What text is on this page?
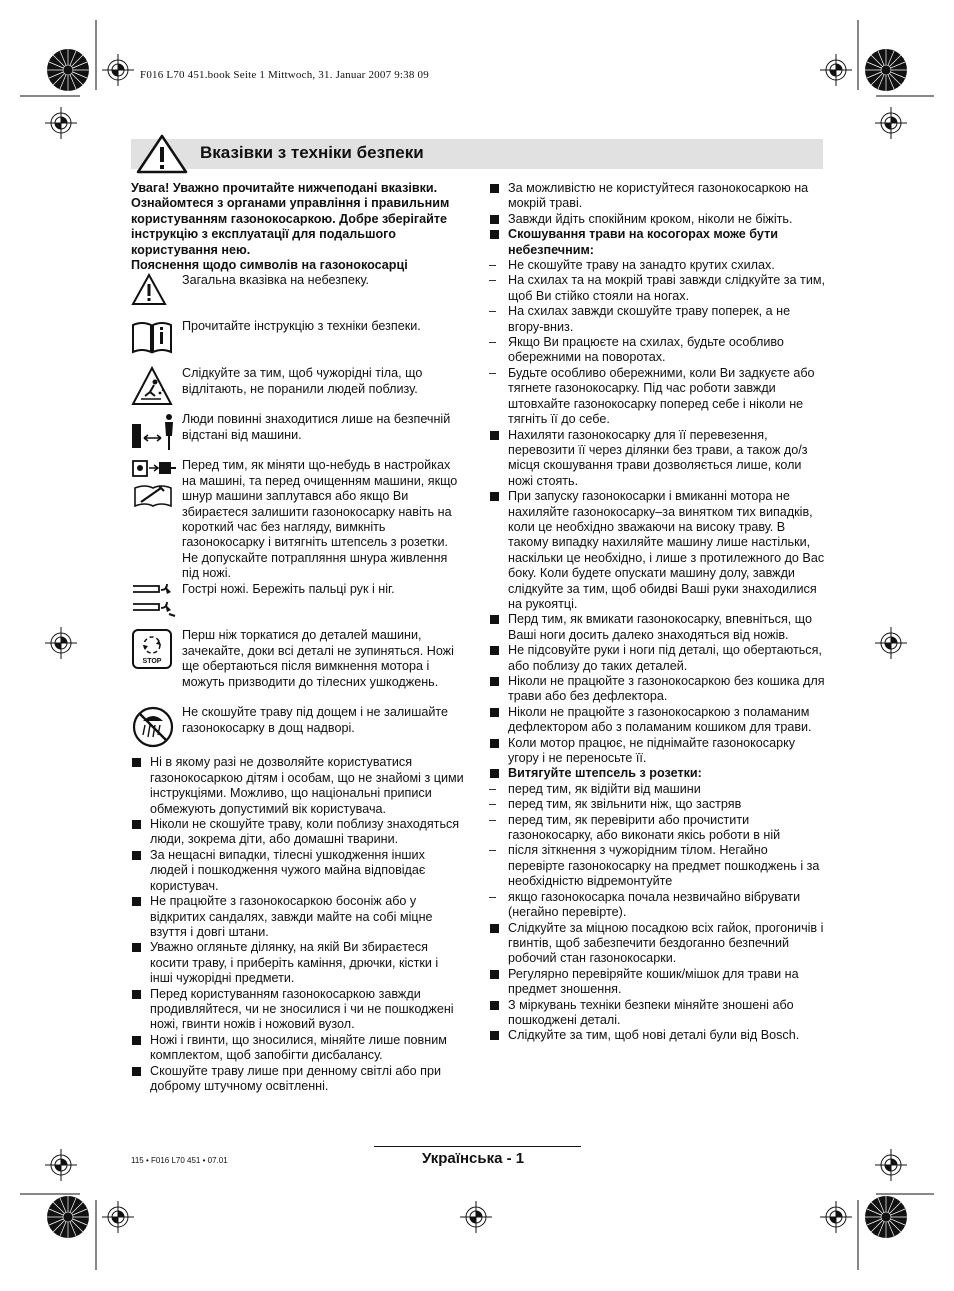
F016 L70 451.book Seite 1 Mittwoch, 31. Januar 2007 9:38 09
Вказівки з техніки безпеки

Увага! Уважно прочитайте нижчеподані вказівки. Ознайомтеся з органами управління і правильним користуванням газонокосаркою. Добре зберігайте інструкцію з експлуатації для подальшого користування нею.

Пояснення щодо символів на газонокосарці

Загальна вказівка на небезпеку.
Прочитайте інструкцію з техніки безпеки.
Слідкуйте за тим, щоб чужорідні тіла, що відлітають, не поранили людей поблизу.
Люди повинні знаходитися лише на безпечній відстані від машини.
Перед тим, як міняти що-небудь в настройках на машині, та перед очищенням машини, якщо шнур машини заплутався або якщо Ви збираєтеся залишити газонокосарку навіть на короткий час без нагляду, вимкніть газонокосарку і витягніть штепсель з розетки. Не допускайте потрапляння шнура живлення під ножі.
Гострі ножі. Бережіть пальці рук і ніг.
STOP
Перш ніж торкатися до деталей машини, зачекайте, доки всі деталі не зупиняться. Ножі ще обертаються після вимкнення мотора і можуть призводити до тілесних ушкоджень.
Не скошуйте траву під дощем і не залишайте газонокосарку в дощ надворі.
Ні в якому разі не дозволяйте користуватися газонокосаркою дітям і особам, що не знайомі з цими інструкціями. Можливо, що національні приписи обмежують допустимий вік користувача.
Ніколи не скошуйте траву, коли поблизу знаходяться люди, зокрема діти, або домашні тварини.
За нещасні випадки, тілесні ушкодження інших людей і пошкодження чужого майна відповідає користувач.
Не працюйте з газонокосаркою босоніж або у відкритих сандалях, завжди майте на собі міцне взуття і довгі штани.
Уважно огляньте ділянку, на якій Ви збираєтеся косити траву, і приберіть каміння, дрючки, кістки і інші чужорідні предмети.
Перед користуванням газонокосаркою завжди продивляйтеся, чи не зносилися і чи не пошкоджені ножі, гвинти ножів і ножовий вузол.
Ножі і гвинти, що зносилися, міняйте лише повним комплектом, щоб запобігти дисбалансу.
Скошуйте траву лише при денному світлі або при доброму штучному освітленні.
За можливістю не користуйтеся газонокосаркою на мокрій траві.
Завжди йдіть спокійним кроком, ніколи не біжіть.
Скошування трави на косогорах може бути небезпечним:
– Не скошуйте траву на занадто крутих схилах.
– На схилах та на мокрій траві завжди слідкуйте за тим, щоб Ви стійко стояли на ногах.
– На схилах завжди скошуйте траву поперек, а не вгору-вниз.
– Якщо Ви працюєте на схилах, будьте особливо обережними на поворотах.
– Будьте особливо обережними, коли Ви задкуєте або тягнете газонокосарку. Під час роботи завжди штовхайте газонокосарку поперед себе і ніколи не тягніть її до себе.
Нахиляти газонокосарку для її перевезення, перевозити її через ділянки без трави, а також до/з місця скошування трави дозволяється лише, коли ножі стоять.
При запуску газонокосарки і вмиканні мотора не нахиляйте газонокосарку–за винятком тих випадків, коли це необхідно зважаючи на високу траву. В такому випадку нахиляйте машину лише настільки, наскільки це необхідно, і лише з протилежного до Вас боку. Коли будете опускати машину долу, завжди слідкуйте за тим, щоб обидві Ваші руки знаходилися на рукоятці.
Перд тим, як вмикати газонокосарку, впевніться, що Ваші ноги досить далеко знаходяться від ножів.
Не підсовуйте руки і ноги під деталі, що обертаються, або поблизу до таких деталей.
Ніколи не працюйте з газонокосаркою без кошика для трави або без дефлектора.
Ніколи не працюйте з газонокосаркою з поламаним дефлектором або з поламаним кошиком для трави.
Коли мотор працює, не піднімайте газонокосарку угору і не переносьте її.
Витягуйте штепсель з розетки:
– перед тим, як відійти від машини
– перед тим, як звільнити ніж, що застряв
– перед тим, як перевірити або прочистити газонокосарку, або виконати якісь роботи в ній
– після зіткнення з чужорідним тілом. Негайно перевірте газонокосарку на предмет пошкоджень і за необхідністю відремонтуйте
– якщо газонокосарка почала незвичайно вібрувати (негайно перевірте).
Слідкуйте за міцною посадкою всіх гайок, прогоничів і гвинтів, щоб забезпечити бездоганно безпечний робочий стан газонокосарки.
Регулярно перевіряйте кошик/мішок для трави на предмет зношення.
З міркувань техніки безпеки міняйте зношені або пошкоджені деталі.
Слідкуйте за тим, щоб нові деталі були від Bosch.
115 • F016 L70 451 • 07.01	Українська - 1
